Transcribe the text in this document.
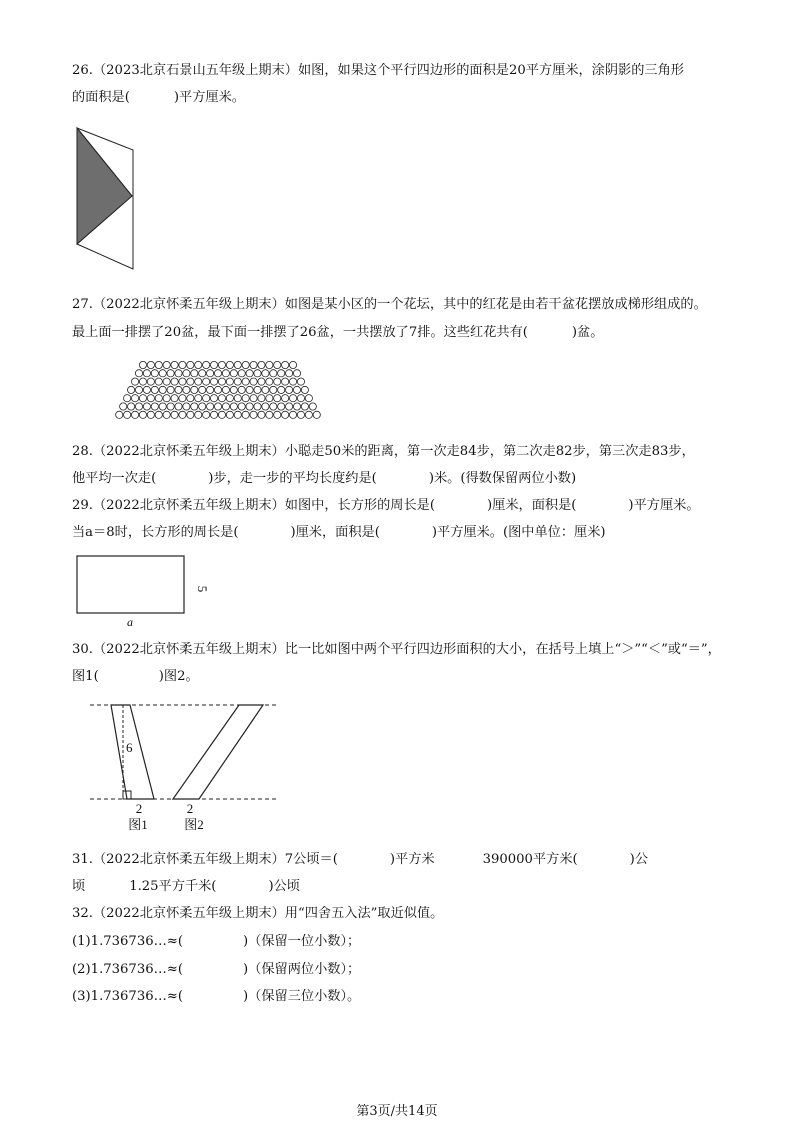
26.（2023北京石景山五年级上期末）如图，如果这个平行四边形的面积是20平方厘米，涂阴影的三角形
的面积是(	)平方厘米。
27.（2022北京怀柔五年级上期末）如图是某小区的一个花坛，其中的红花是由若干盆花摆放成梯形组成的。
最上面一排摆了20盆，最下面一排摆了26盆，一共摆放了7排。这些红花共有(	)盆。
28.（2022北京怀柔五年级上期末）小聪走50米的距离，第一次走84步，第二次走82步，第三次走83步，
他平均一次走(	)步，走一步的平均长度约是(	)米。(得数保留两位小数)
29.（2022北京怀柔五年级上期末）如图中，长方形的周长是(	)厘米，面积是(	)平方厘米。
当a＝8时，长方形的周长是(	)厘米，面积是(	)平方厘米。(图中单位：厘米)
5
a
30.（2022北京怀柔五年级上期末）比一比如图中两个平行四边形面积的大小，在括号上填上“＞”“＜”或“＝”，
图1(	)图2。
6
2	2
图1	图2
31.（2022北京怀柔五年级上期末）7公顷＝(	)平方米	390000平方米(	)公
顷	1.25平方千米(	)公顷
32.（2022北京怀柔五年级上期末）用“四舍五入法”取近似值。
(1)1.736736…≈(	)（保留一位小数）；
(2)1.736736…≈(	)（保留两位小数）；
(3)1.736736…≈(	)（保留三位小数）。
第3页/共14页
